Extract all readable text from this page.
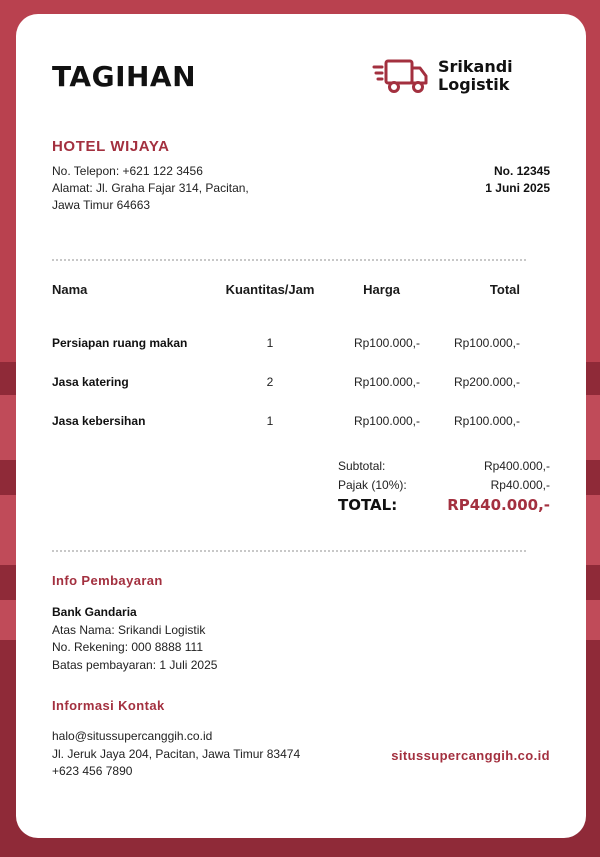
TAGIHAN	Srikandi
Logistik
HOTEL WIJAYA
No. Telepon: +621 122 3456
Alamat: Jl. Graha Fajar 314, Pacitan,
Jawa Timur 64663
No. 12345
1 Juni 2025
Nama	Kuantitas/Jam	Harga	Total
Persiapan ruang makan	1	Rp100.000,-	Rp100.000,-
Jasa katering	2	Rp100.000,-	Rp200.000,-
Jasa kebersihan	1	Rp100.000,-	Rp100.000,-
Subtotal:	Rp400.000,-
Pajak (10%):	Rp40.000,-
TOTAL:	RP440.000,-
Info Pembayaran
Bank Gandaria
Atas Nama: Srikandi Logistik
No. Rekening: 000 8888 111
Batas pembayaran: 1 Juli 2025
Informasi Kontak
halo@situssupercanggih.co.id
Jl. Jeruk Jaya 204, Pacitan, Jawa Timur 83474
+623 456 7890
situssupercanggih.co.id
